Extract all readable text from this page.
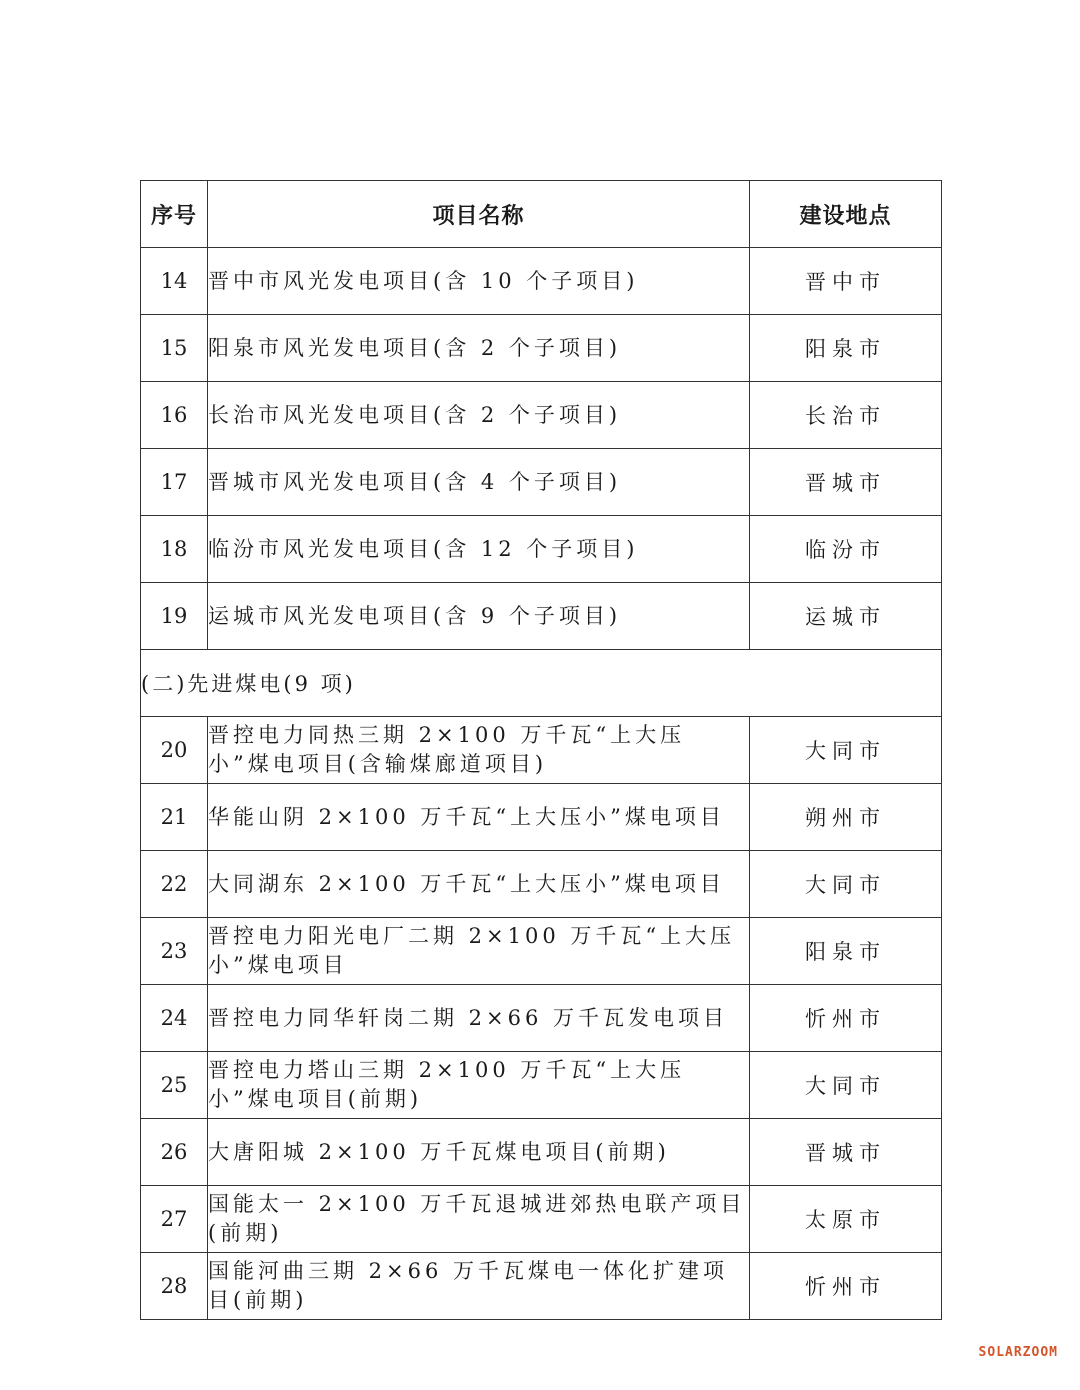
序号	项目名称	建设地点
14	晋中市风光发电项目(含 10 个子项目)	晋中市
15	阳泉市风光发电项目(含 2 个子项目)	阳泉市
16	长治市风光发电项目(含 2 个子项目)	长治市
17	晋城市风光发电项目(含 4 个子项目)	晋城市
18	临汾市风光发电项目(含 12 个子项目)	临汾市
19	运城市风光发电项目(含 9 个子项目)	运城市
(二)先进煤电(9 项)		
20	晋控电力同热三期 2×100 万千瓦“上大压小”煤电项目(含输煤廊道项目)	大同市
21	华能山阴 2×100 万千瓦“上大压小”煤电项目	朔州市
22	大同湖东 2×100 万千瓦“上大压小”煤电项目	大同市
23	晋控电力阳光电厂二期 2×100 万千瓦“上大压小”煤电项目	阳泉市
24	晋控电力同华轩岗二期 2×66 万千瓦发电项目	忻州市
25	晋控电力塔山三期 2×100 万千瓦“上大压小”煤电项目(前期)	大同市
26	大唐阳城 2×100 万千瓦煤电项目(前期)	晋城市
27	国能太一 2×100 万千瓦退城进郊热电联产项目(前期)	太原市
28	国能河曲三期 2×66 万千瓦煤电一体化扩建项目(前期)	忻州市
SOLARZOOM
